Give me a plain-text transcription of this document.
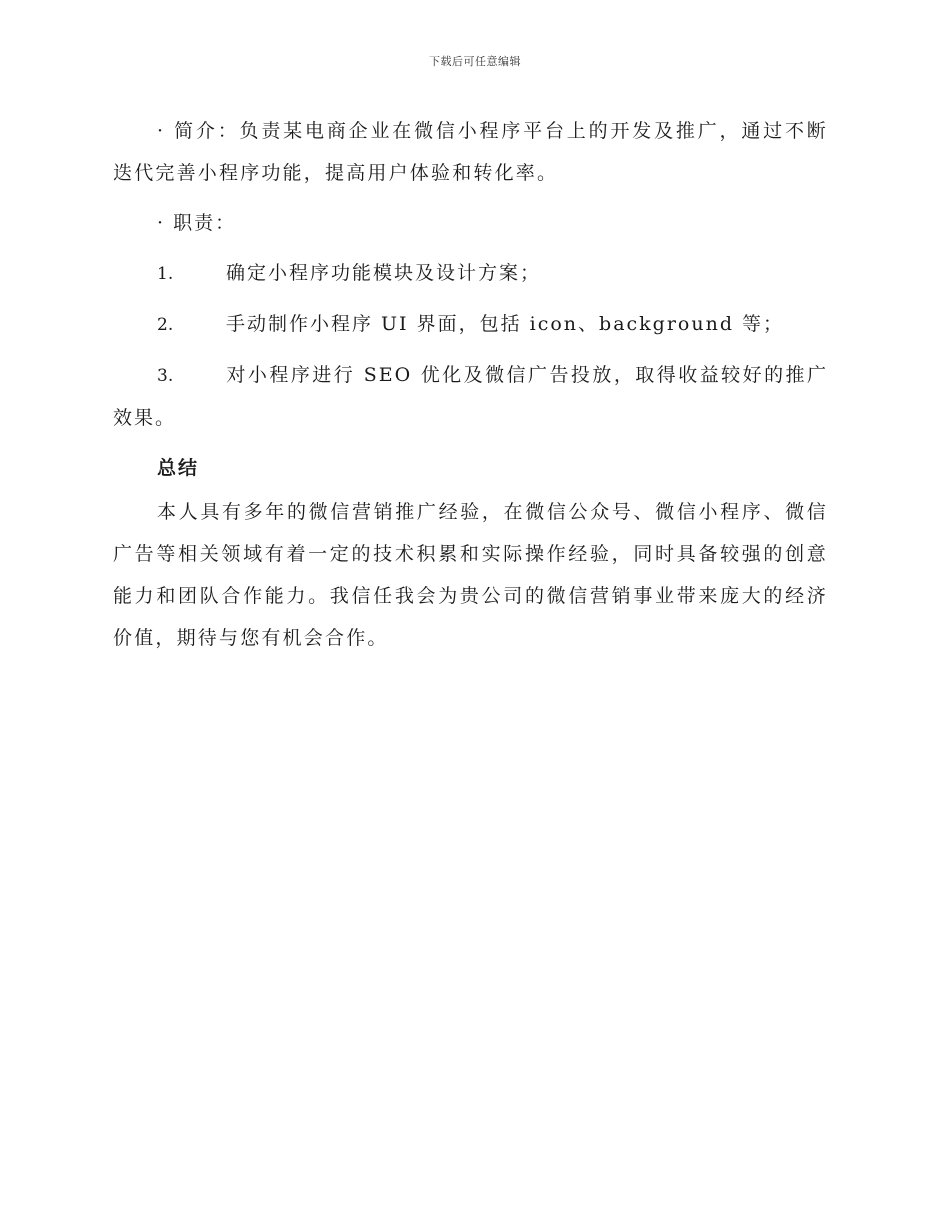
下载后可任意编辑

· 简介：负责某电商企业在微信小程序平台上的开发及推广，通过不断迭代完善小程序功能，提高用户体验和转化率。

· 职责：

1.	确定小程序功能模块及设计方案；

2.	手动制作小程序 UI 界面，包括 icon、background 等；

3.	对小程序进行 SEO 优化及微信广告投放，取得收益较好的推广效果。

总结

本人具有多年的微信营销推广经验，在微信公众号、微信小程序、微信广告等相关领域有着一定的技术积累和实际操作经验，同时具备较强的创意能力和团队合作能力。我信任我会为贵公司的微信营销事业带来庞大的经济价值，期待与您有机会合作。
